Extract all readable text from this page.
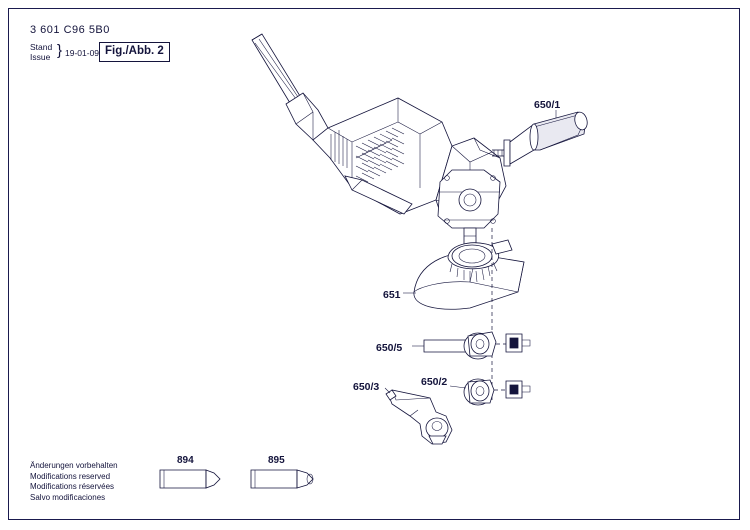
3 601 C96 5B0
Stand
Issue } 19-01-09 Fig./Abb. 2
Änderungen vorbehalten
Modifications reserved
Modifications réservées
Salvo modificaciones
650/1
651
650/5
650/2
650/3
894	895
